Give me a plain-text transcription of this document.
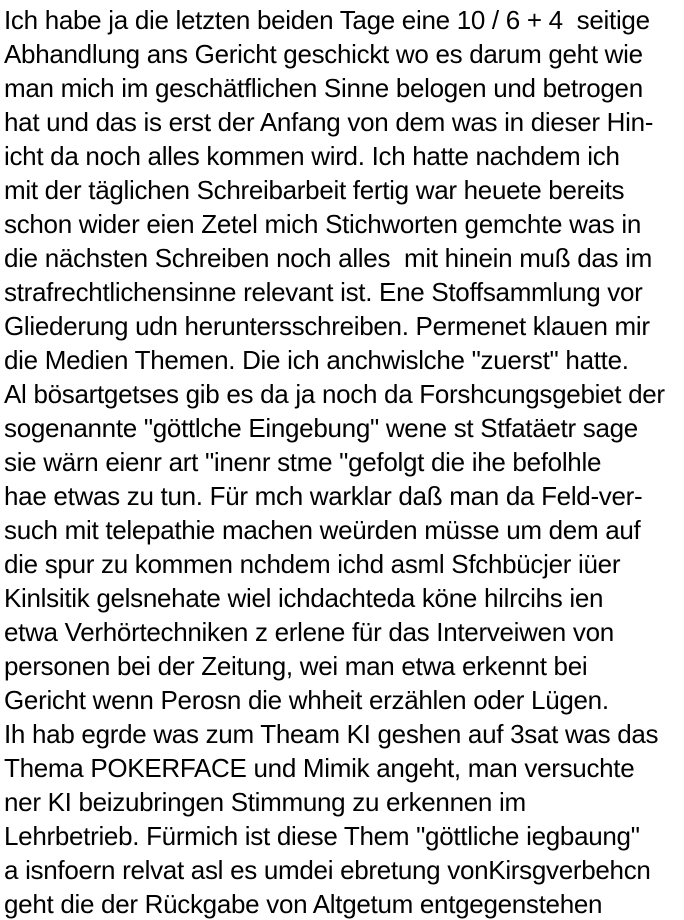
Ich habe ja die letzten beiden Tage eine 10 / 6 + 4  seitige
Abhandlung ans Gericht geschickt wo es darum geht wie
man mich im geschätflichen Sinne belogen und betrogen
hat und das is erst der Anfang von dem was in dieser Hin-
icht da noch alles kommen wird. Ich hatte nachdem ich
mit der täglichen Schreibarbeit fertig war heuete bereits
schon wider eien Zetel mich Stichworten gemchte was in
die nächsten Schreiben noch alles  mit hinein muß das im
strafrechtlichensinne relevant ist. Ene Stoffsammlung vor
Gliederung udn heruntersschreiben. Permenet klauen mir
die Medien Themen. Die ich anchwislche "zuerst" hatte.
Al bösartgetses gib es da ja noch da Forshcungsgebiet der
sogenannte "göttlche Eingebung" wene st Stfatäetr sage
sie wärn eienr art "inenr stme "gefolgt die ihe befolhle
hae etwas zu tun. Für mch warklar daß man da Feld-ver-
such mit telepathie machen weürden müsse um dem auf
die spur zu kommen nchdem ichd asml Sfchbücjer iüer
Kinlsitik gelsnehate wiel ichdachteda köne hilrcihs ien
etwa Verhörtechniken z erlene für das Interveiwen von
personen bei der Zeitung, wei man etwa erkennt bei
Gericht wenn Perosn die whheit erzählen oder Lügen.
Ih hab egrde was zum Theam KI geshen auf 3sat was das
Thema POKERFACE und Mimik angeht, man versuchte
ner KI beizubringen Stimmung zu erkennen im
Lehrbetrieb. Fürmich ist diese Them "göttliche iegbaung"
a isnfoern relvat asl es umdei ebretung vonKirsgverbehcn
geht die der Rückgabe von Altgetum entgegenstehen
